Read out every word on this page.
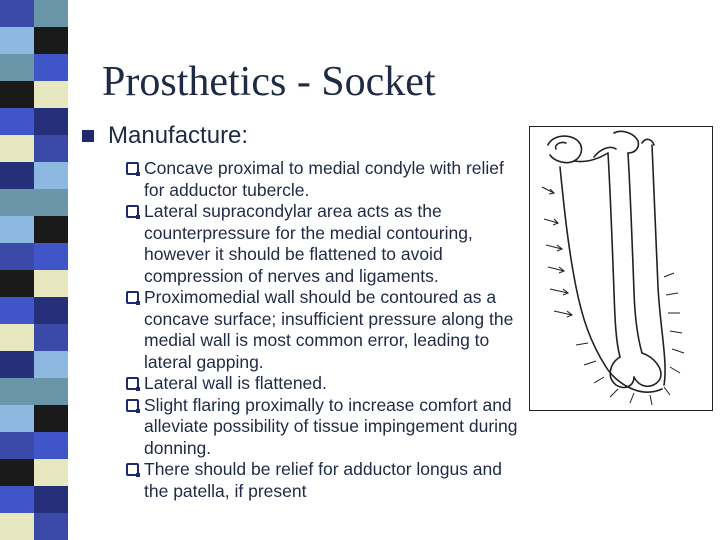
Prosthetics - Socket
Manufacture:
Concave proximal to medial condyle with relief for adductor tubercle.
Lateral supracondylar area acts as the counterpressure for the medial contouring, however it should be flattened to avoid compression of nerves and ligaments.
Proximomedial wall should be contoured as a concave surface; insufficient pressure along the medial wall is most common error, leading to lateral gapping.
Lateral wall is flattened.
Slight flaring proximally to increase comfort and alleviate possibility of tissue impingement during donning.
There should be relief for adductor longus and the patella, if present
